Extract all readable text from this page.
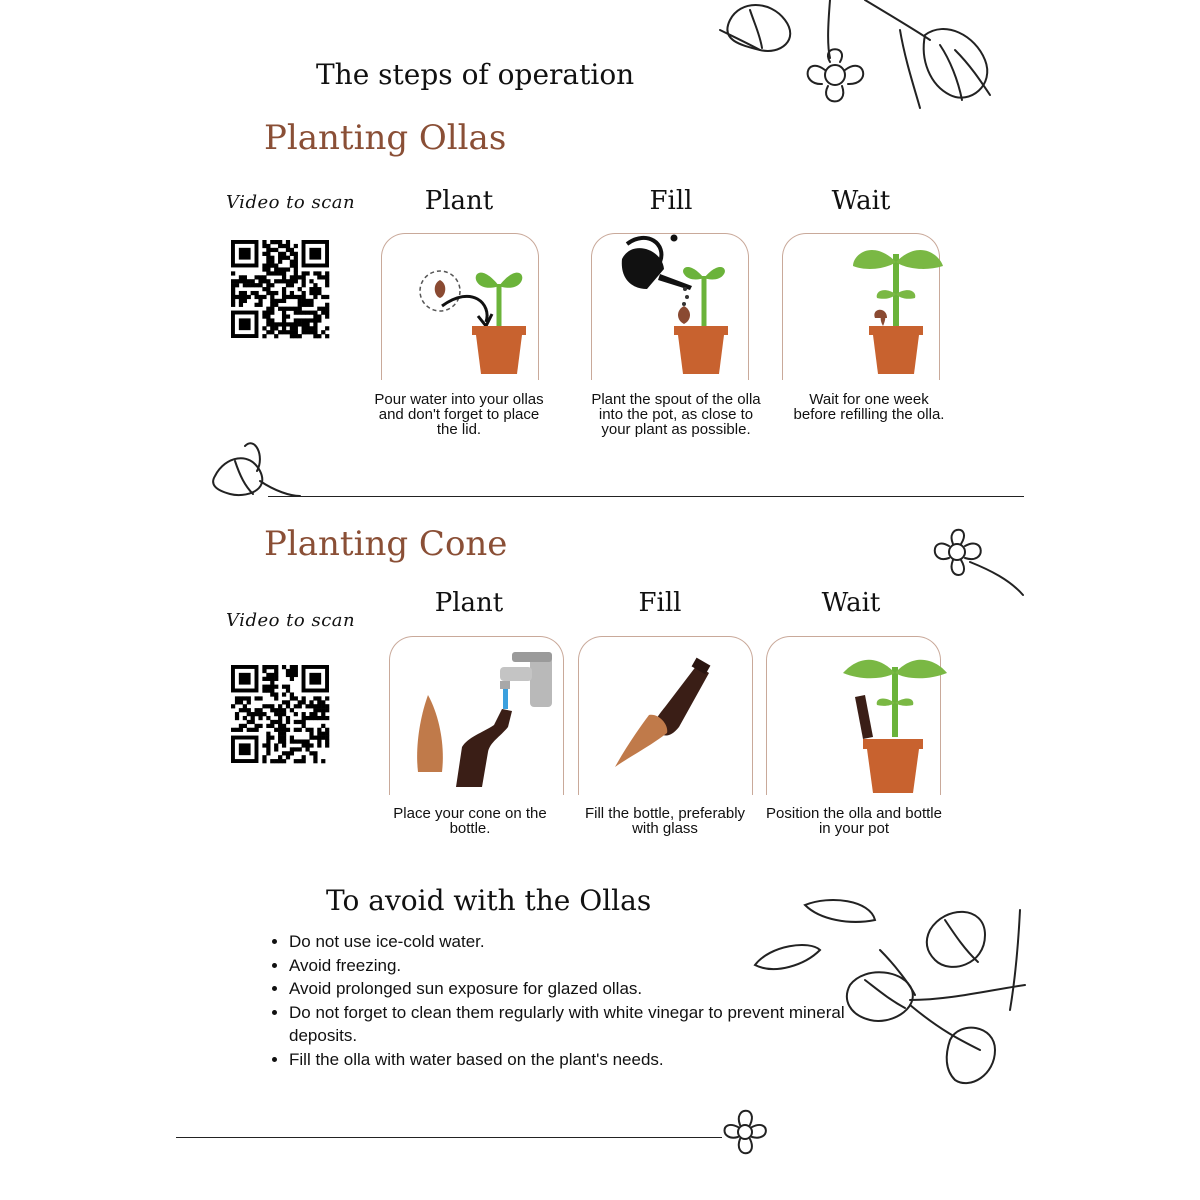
The steps of operation
Planting Ollas
Video to scan	Plant	Fill	Wait
Pour water into your ollas and don't forget to place the lid.
Plant the spout of the olla into the pot, as close to your plant as possible.
Wait for one week before refilling the olla.
Planting Cone
Video to scan
Plant	Fill	Wait
Place your cone on the bottle.
Fill the bottle, preferably with glass
Position the olla and bottle in your pot
To avoid with the Ollas
• Do not use ice-cold water.
• Avoid freezing.
• Avoid prolonged sun exposure for glazed ollas.
• Do not forget to clean them regularly with white vinegar to prevent mineral deposits.
• Fill the olla with water based on the plant's needs.
